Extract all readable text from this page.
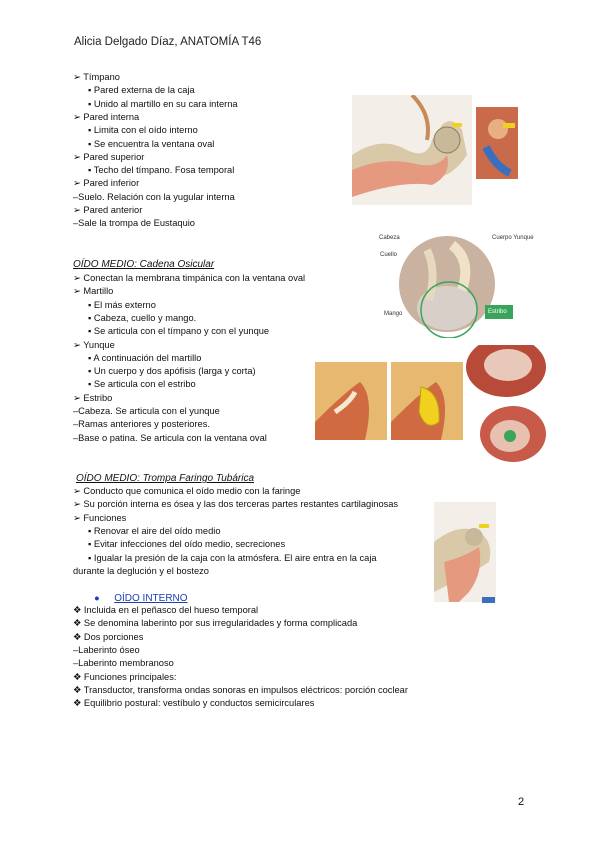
Alicia Delgado Díaz, ANATOMÍA T46
➢ Tímpano
▪ Pared externa de la caja
▪ Unido al martillo en su cara interna
➢ Pared interna
▪ Limita con el oído interno
▪ Se encuentra la ventana oval
➢ Pared superior
▪ Techo del tímpano. Fosa temporal
➢ Pared inferior
–Suelo. Relación con la yugular interna
➢ Pared anterior
–Sale la trompa de Eustaquio
OÍDO MEDIO: Cadena Osicular
➢ Conectan la membrana timpánica con la ventana oval
➢ Martillo
▪ El más externo
▪ Cabeza, cuello y mango.
▪ Se articula con el tímpano y con el yunque
➢ Yunque
▪ A continuación del martillo
▪ Un cuerpo y dos apófisis (larga y corta)
▪ Se articula con el estribo
➢ Estribo
–Cabeza. Se articula con el yunque
–Ramas anteriores y posteriores.
–Base o patina. Se articula con la ventana oval
OÍDO MEDIO: Trompa Faringo Tubárica
➢ Conducto que comunica el oído medio con la faringe
➢ Su porción interna es ósea y las dos terceras partes restantes cartilaginosas
➢ Funciones
▪ Renovar el aire del oído medio
▪ Evitar infecciones del oído medio, secreciones
▪ Igualar la presión de la caja con la atmósfera. El aire entra en la caja
durante la deglución y el bostezo
● OÍDO INTERNO
❖ Incluida en el peñasco del hueso temporal
❖ Se denomina laberinto por sus irregularidades y forma complicada
❖ Dos porciones
–Laberinto óseo
–Laberinto membranoso
❖ Funciones principales:
❖ Transductor, transforma ondas sonoras en impulsos eléctricos: porción coclear
❖ Equilibrio postural: vestíbulo y conductos semicirculares
Cabeza
Cuello
Mango
Cuerpo Yunque
Estribo
2
